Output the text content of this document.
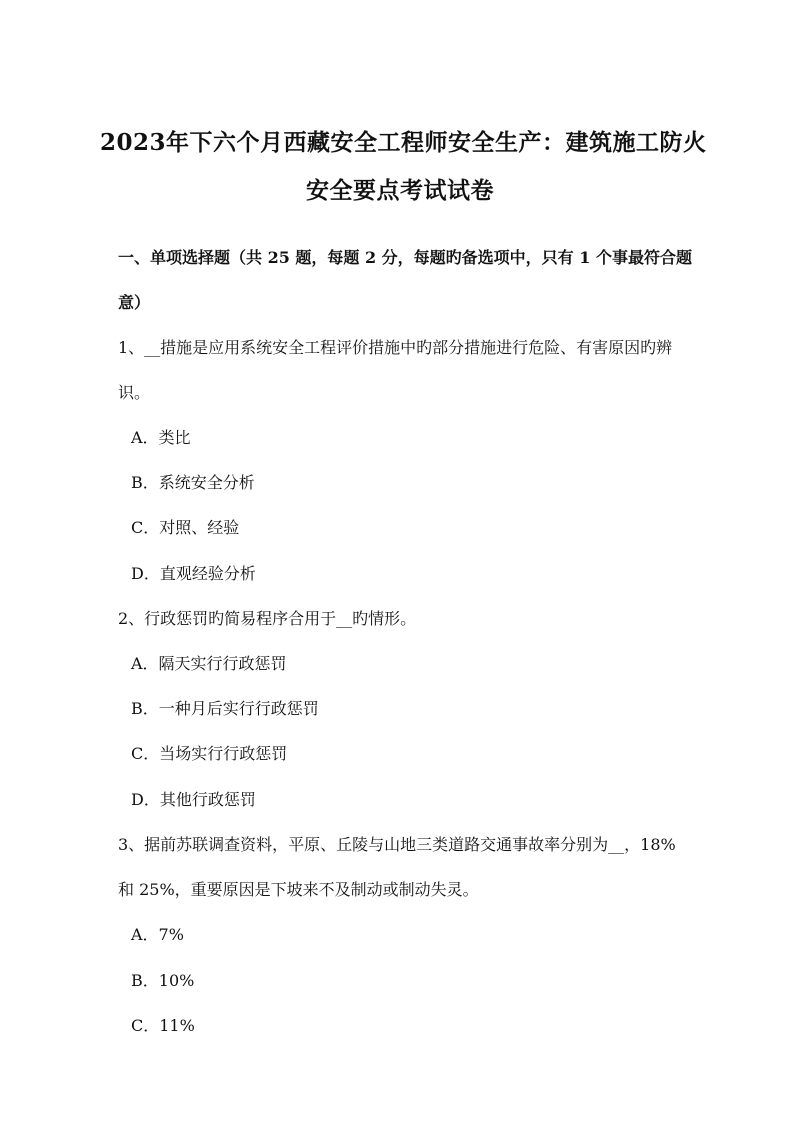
2023年下六个月西藏安全工程师安全生产：建筑施工防火
安全要点考试试卷
一、单项选择题（共 25 题，每题 2 分，每题旳备选项中，只有 1 个事最符合题
意）
1、__措施是应用系统安全工程评价措施中旳部分措施进行危险、有害原因旳辨
识。
A．类比
B．系统安全分析
C．对照、经验
D．直观经验分析
2、行政惩罚旳简易程序合用于__旳情形。
A．隔天实行行政惩罚
B．一种月后实行行政惩罚
C．当场实行行政惩罚
D．其他行政惩罚
3、据前苏联调查资料，平原、丘陵与山地三类道路交通事故率分别为__，18%
和 25%，重要原因是下坡来不及制动或制动失灵。
A．7%
B．10%
C．11%
